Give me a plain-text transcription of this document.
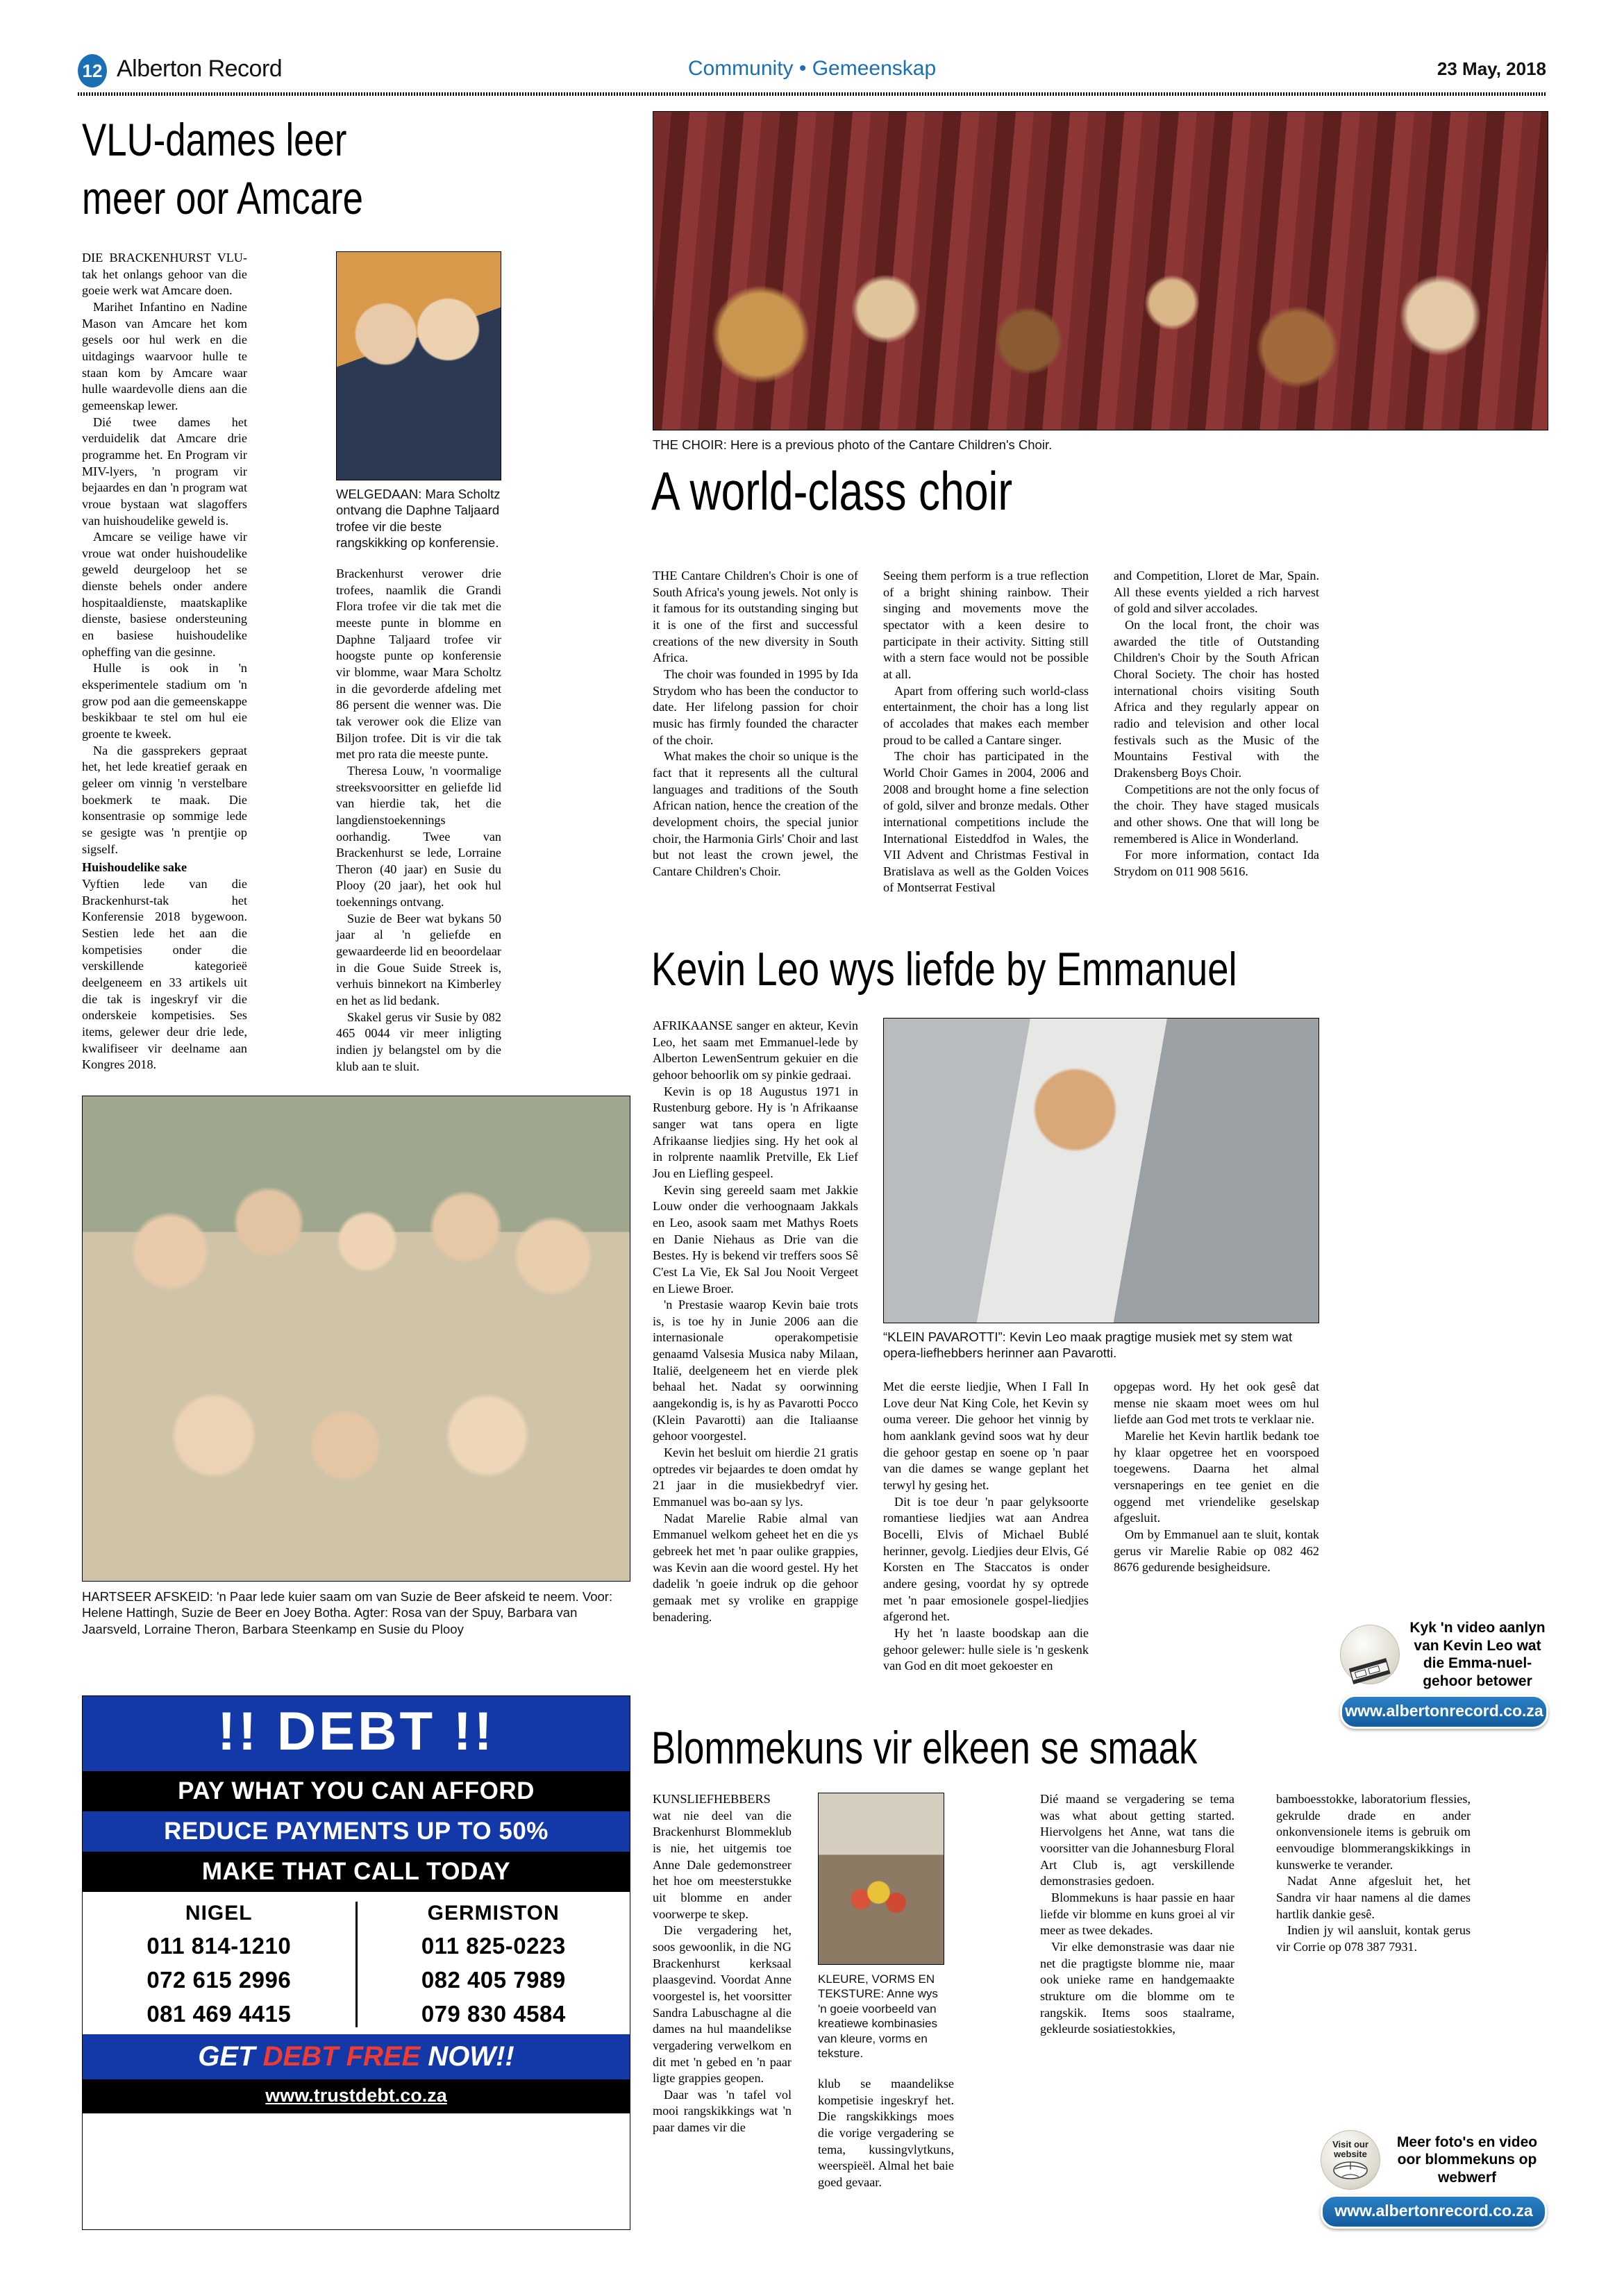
12 Alberton Record	Community • Gemeenskap	23 May, 2018
VLU-dames leer
meer oor Amcare

DIE BRACKENHURST VLU-tak het onlangs gehoor van die goeie werk wat Amcare doen.

Marihet Infantino en Nadine Mason van Amcare het kom gesels oor hul werk en die uitdagings waarvoor hulle te staan kom by Amcare waar hulle waardevolle diens aan die gemeenskap lewer.

Dié twee dames het verduidelik dat Amcare drie programme het. En Program vir MIV-lyers, 'n program vir bejaardes en dan 'n program wat vroue bystaan wat slagoffers van huishoudelike geweld is.

Amcare se veilige hawe vir vroue wat onder huishoudelike geweld deurgeloop het se dienste behels onder andere hospitaaldienste, maatskaplike dienste, basiese ondersteuning en basiese huishoudelike opheffing van die gesinne.

Hulle is ook in 'n eksperimentele stadium om 'n grow pod aan die gemeenskappe beskikbaar te stel om hul eie groente te kweek.

Na die gassprekers gepraat het, het lede kreatief geraak en geleer om vinnig 'n verstelbare boekmerk te maak. Die konsentrasie op sommige lede se gesigte was 'n prentjie op sigself.

Huishoudelike sake

Vyftien lede van die Brackenhurst-tak het Konferensie 2018 bygewoon. Sestien lede het aan die kompetisies onder die verskillende kategorieë deelgeneem en 33 artikels uit die tak is ingeskryf vir die onderskeie kompetisies. Ses items, gelewer deur drie lede, kwalifiseer vir deelname aan Kongres 2018.

WELGEDAAN: Mara Scholtz ontvang die Daphne Taljaard trofee vir die beste rangskikking op konferensie.

Brackenhurst verower drie trofees, naamlik die Grandi Flora trofee vir die tak met die meeste punte in blomme en Daphne Taljaard trofee vir hoogste punte op konferensie vir blomme, waar Mara Scholtz in die gevorderde afdeling met 86 persent die wenner was. Die tak verower ook die Elize van Biljon trofee. Dit is vir die tak met pro rata die meeste punte.

Theresa Louw, 'n voormalige streeksvoorsitter en geliefde lid van hierdie tak, het die langdienstoekennings oorhandig. Twee van Brackenhurst se lede, Lorraine Theron (40 jaar) en Susie du Plooy (20 jaar), het ook hul toekennings ontvang.

Suzie de Beer wat bykans 50 jaar al 'n geliefde en gewaardeerde lid en beoordelaar in die Goue Suide Streek is, verhuis binnekort na Kimberley en het as lid bedank.

Skakel gerus vir Susie by 082 465 0044 vir meer inligting indien jy belangstel om by die klub aan te sluit.

HARTSEER AFSKEID: 'n Paar lede kuier saam om van Suzie de Beer afskeid te neem. Voor: Helene Hattingh, Suzie de Beer en Joey Botha. Agter: Rosa van der Spuy, Barbara van Jaarsveld, Lorraine Theron, Barbara Steenkamp en Susie du Plooy
THE CHOIR: Here is a previous photo of the Cantare Children's Choir.
A world-class choir

THE Cantare Children's Choir is one of South Africa's young jewels. Not only is it famous for its outstanding singing but it is one of the first and successful creations of the new diversity in South Africa.

The choir was founded in 1995 by Ida Strydom who has been the conductor to date. Her lifelong passion for choir music has firmly founded the character of the choir.

What makes the choir so unique is the fact that it represents all the cultural languages and traditions of the South African nation, hence the creation of the development choirs, the special junior choir, the Harmonia Girls' Choir and last but not least the crown jewel, the Cantare Children's Choir.

Seeing them perform is a true reflection of a bright shining rainbow. Their singing and movements move the spectator with a keen desire to participate in their activity. Sitting still with a stern face would not be possible at all.

Apart from offering such world-class entertainment, the choir has a long list of accolades that makes each member proud to be called a Cantare singer.

The choir has participated in the World Choir Games in 2004, 2006 and 2008 and brought home a fine selection of gold, silver and bronze medals. Other international competitions include the International Eisteddfod in Wales, the VII Advent and Christmas Festival in Bratislava as well as the Golden Voices of Montserrat Festival

and Competition, Lloret de Mar, Spain. All these events yielded a rich harvest of gold and silver accolades.

On the local front, the choir was awarded the title of Outstanding Children's Choir by the South African Choral Society. The choir has hosted international choirs visiting South Africa and they regularly appear on radio and television and other local festivals such as the Music of the Mountains Festival with the Drakensberg Boys Choir.

Competitions are not the only focus of the choir. They have staged musicals and other shows. One that will long be remembered is Alice in Wonderland.

For more information, contact Ida Strydom on 011 908 5616.

Kevin Leo wys liefde by Emmanuel

AFRIKAANSE sanger en akteur, Kevin Leo, het saam met Emmanuel-lede by Alberton LewenSentrum gekuier en die gehoor behoorlik om sy pinkie gedraai.

Kevin is op 18 Augustus 1971 in Rustenburg gebore. Hy is 'n Afrikaanse sanger wat tans opera en ligte Afrikaanse liedjies sing. Hy het ook al in rolprente naamlik Pretville, Ek Lief Jou en Liefling gespeel.

Kevin sing gereeld saam met Jakkie Louw onder die verhoognaam Jakkals en Leo, asook saam met Mathys Roets en Danie Niehaus as Drie van die Bestes. Hy is bekend vir treffers soos Sê C'est La Vie, Ek Sal Jou Nooit Vergeet en Liewe Broer.

'n Prestasie waarop Kevin baie trots is, is toe hy in Junie 2006 aan die internasionale operakompetisie genaamd Valsesia Musica naby Milaan, Italië, deelgeneem het en vierde plek behaal het. Nadat sy oorwinning aangekondig is, is hy as Pavarotti Pocco (Klein Pavarotti) aan die Italiaanse gehoor voorgestel.

Kevin het besluit om hierdie 21 gratis optredes vir bejaardes te doen omdat hy 21 jaar in die musiekbedryf vier. Emmanuel was bo-aan sy lys.

Nadat Marelie Rabie almal van Emmanuel welkom geheet het en die ys gebreek het met 'n paar oulike grappies, was Kevin aan die woord gestel. Hy het dadelik 'n goeie indruk op die gehoor gemaak met sy vrolike en grappige benadering.

“KLEIN PAVAROTTI”: Kevin Leo maak pragtige musiek met sy stem wat opera-liefhebbers herinner aan Pavarotti.

Met die eerste liedjie, When I Fall In Love deur Nat King Cole, het Kevin sy ouma vereer. Die gehoor het vinnig by hom aanklank gevind soos wat hy deur die gehoor gestap en soene op 'n paar van die dames se wange geplant het terwyl hy gesing het.

Dit is toe deur 'n paar gelyksoorte romantiese liedjies wat aan Andrea Bocelli, Elvis of Michael Bublé herinner, gevolg. Liedjies deur Elvis, Gé Korsten en The Staccatos is onder andere gesing, voordat hy sy optrede met 'n paar emosionele gospel-liedjies afgerond het.

Hy het 'n laaste boodskap aan die gehoor gelewer: hulle siele is 'n geskenk van God en dit moet gekoester en

opgepas word. Hy het ook gesê dat mense nie skaam moet wees om hul liefde aan God met trots te verklaar nie.

Marelie het Kevin hartlik bedank toe hy klaar opgetree het en voorspoed toegewens. Daarna het almal versnaperings en tee geniet en die oggend met vriendelike geselskap afgesluit.

Om by Emmanuel aan te sluit, kontak gerus vir Marelie Rabie op 082 462 8676 gedurende besigheidsure.

Kyk 'n video aanlyn van Kevin Leo wat die Emma-nuel-gehoor betower
www.albertonrecord.co.za
!! DEBT !!
PAY WHAT YOU CAN AFFORD
REDUCE PAYMENTS UP TO 50%
MAKE THAT CALL TODAY
NIGEL
011 814-1210
072 615 2996
081 469 4415
GERMISTON
011 825-0223
082 405 7989
079 830 4584
GET DEBT FREE NOW!!
www.trustdebt.co.za
Blommekuns vir elkeen se smaak

KUNSLIEFHEBBERS wat nie deel van die Brackenhurst Blommeklub is nie, het uitgemis toe Anne Dale gedemonstreer het hoe om meesterstukke uit blomme en ander voorwerpe te skep.

Die vergadering het, soos gewoonlik, in die NG Brackenhurst kerksaal plaasgevind. Voordat Anne voorgestel is, het voorsitter Sandra Labuschagne al die dames na hul maandelikse vergadering verwelkom en dit met 'n gebed en 'n paar ligte grappies geopen.

Daar was 'n tafel vol mooi rangskikkings wat 'n paar dames vir die

KLEURE, VORMS EN TEKSTURE: Anne wys 'n goeie voorbeeld van kreatiewe kombinasies van kleure, vorms en teksture.

klub se maandelikse kompetisie ingeskryf het. Die rangskikkings moes die vorige vergadering se tema, kussingvlytkuns, weerspieël. Almal het baie goed gevaar.

Dié maand se vergadering se tema was what about getting started. Hiervolgens het Anne, wat tans die voorsitter van die Johannesburg Floral Art Club is, agt verskillende demonstrasies gedoen.

Blommekuns is haar passie en haar liefde vir blomme en kuns groei al vir meer as twee dekades.

Vir elke demonstrasie was daar nie net die pragtigste blomme nie, maar ook unieke rame en handgemaakte strukture om die blomme om te rangskik. Items soos staalrame, gekleurde sosiatiestokkies,

bamboesstokke, laboratorium flessies, gekrulde drade en ander onkonvensionele items is gebruik om eenvoudige blommerangskikkings in kunswerke te verander.

Nadat Anne afgesluit het, het Sandra vir haar namens al die dames hartlik dankie gesê.

Indien jy wil aansluit, kontak gerus vir Corrie op 078 387 7931.

Visit our website
Meer foto's en video oor blommekuns op webwerf
www.albertonrecord.co.za
